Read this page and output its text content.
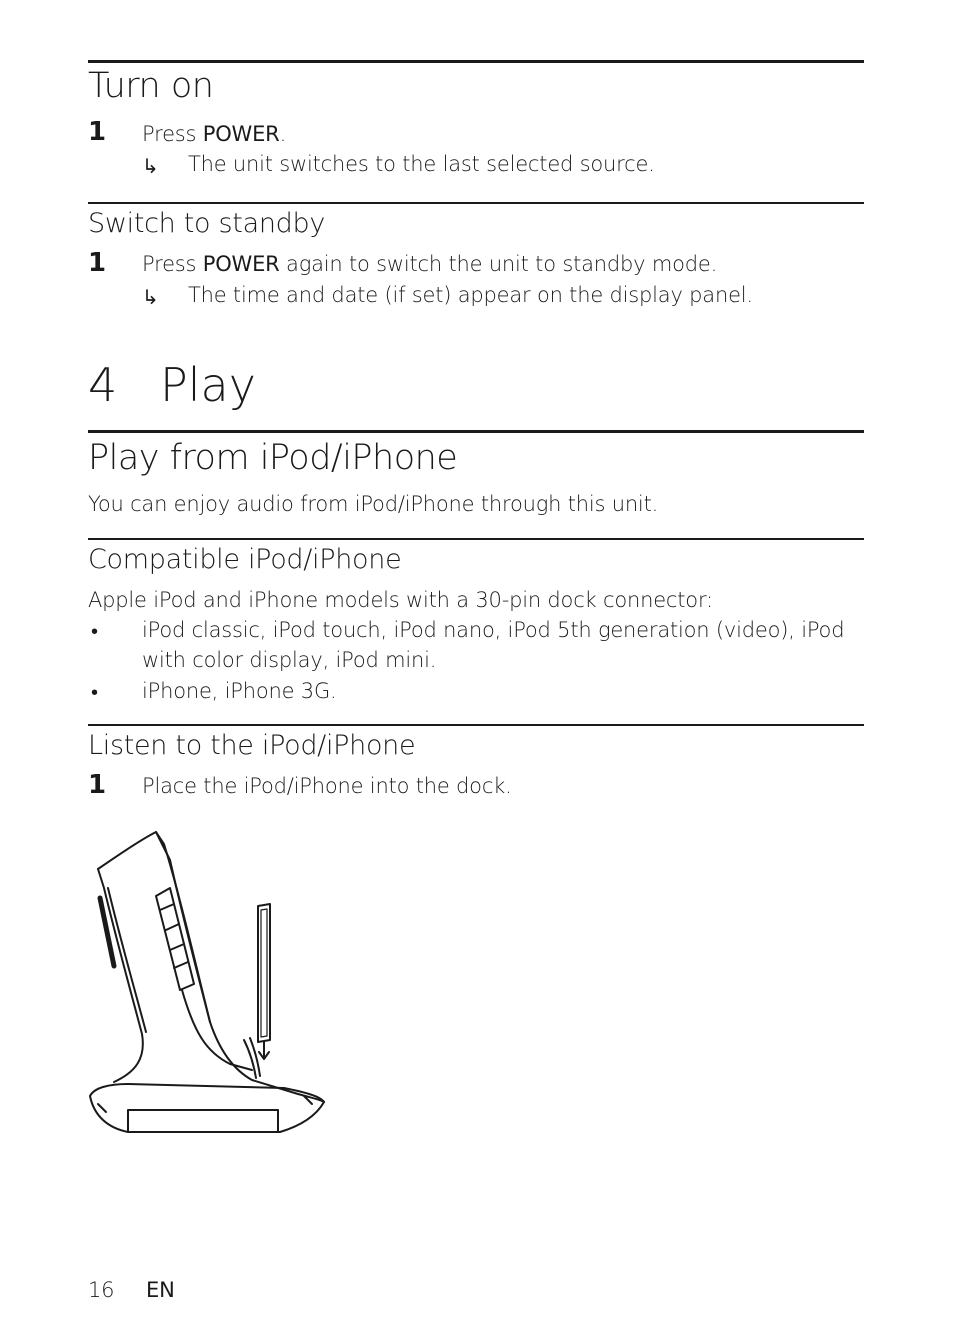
Turn on
1 Press POWER.
↳ The unit switches to the last selected source.
Switch to standby
1 Press POWER again to switch the unit to standby mode.
↳ The time and date (if set) appear on the display panel.
4 Play
Play from iPod/iPhone
You can enjoy audio from iPod/iPhone through this unit.
Compatible iPod/iPhone
Apple iPod and iPhone models with a 30-pin dock connector:
• iPod classic, iPod touch, iPod nano, iPod 5th generation (video), iPod
with color display, iPod mini.
• iPhone, iPhone 3G.
Listen to the iPod/iPhone
1 Place the iPod/iPhone into the dock.
16 EN
